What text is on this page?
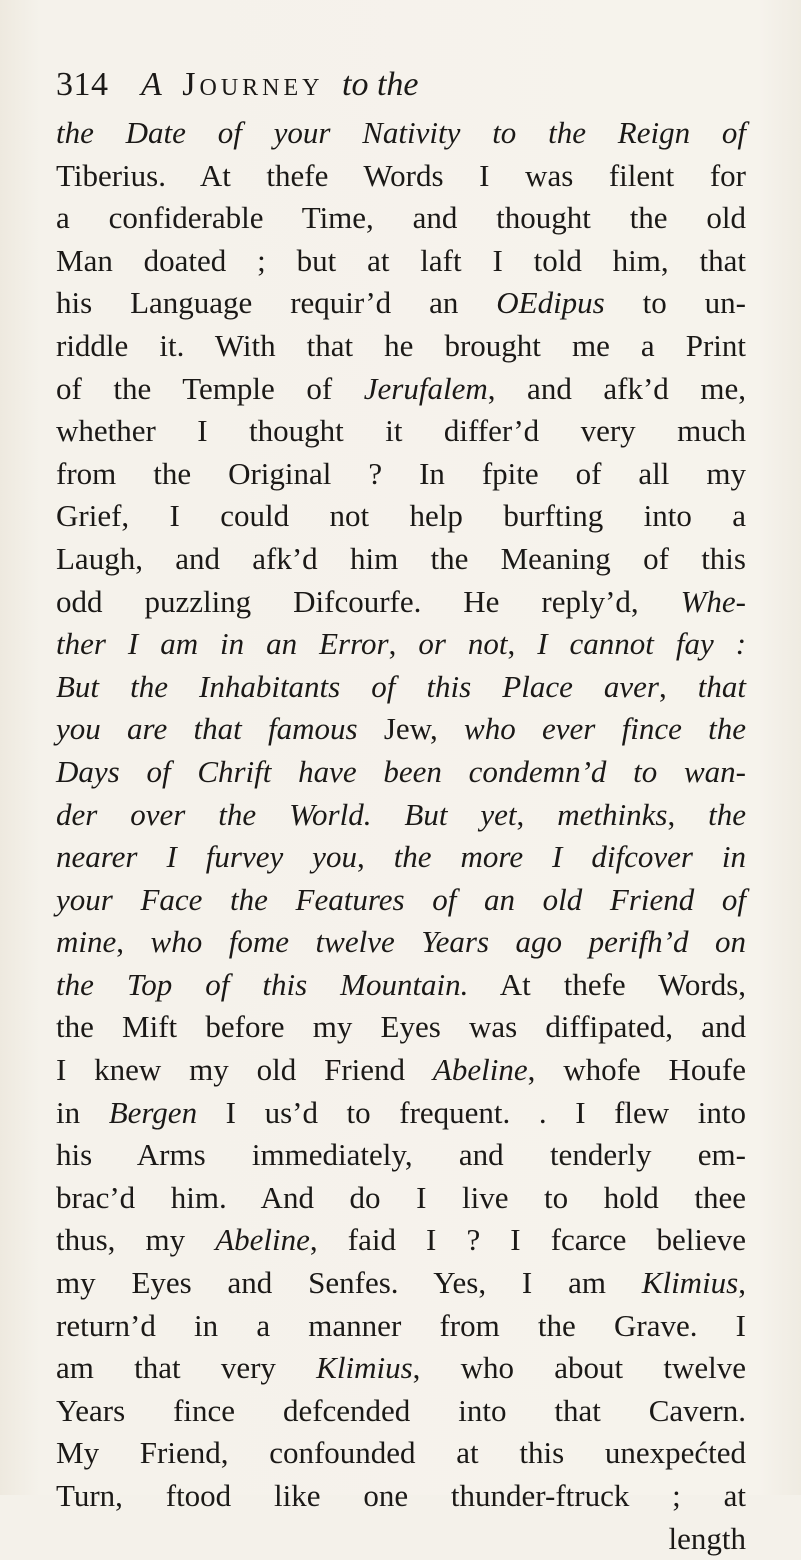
314 A Journey to the
the Date of your Nativity to the Reign of
Tiberius. At thefe Words I was filent for
a confiderable Time, and thought the old
Man doated ; but at laft I told him, that
his Language requir’d an OEdipus to un-
riddle it. With that he brought me a Print
of the Temple of Jerufalem, and afk’d me,
whether I thought it differ’d very much
from the Original ? In fpite of all my
Grief, I could not help burfting into a
Laugh, and afk’d him the Meaning of this
odd puzzling Difcourfe. He reply’d, Whe-
ther I am in an Error, or not, I cannot fay :
But the Inhabitants of this Place aver, that
you are that famous Jew, who ever fince the
Days of Chrift have been condemn’d to wan-
der over the World. But yet, methinks, the
nearer I furvey you, the more I difcover in
your Face the Features of an old Friend of
mine, who fome twelve Years ago perifh’d on
the Top of this Mountain. At thefe Words,
the Mift before my Eyes was diffipated, and
I knew my old Friend Abeline, whofe Houfe
in Bergen I us’d to frequent. . I flew into
his Arms immediately, and tenderly em-
brac’d him. And do I live to hold thee
thus, my Abeline, faid I ? I fcarce believe
my Eyes and Senfes. Yes, I am Klimius,
return’d in a manner from the Grave. I
am that very Klimius, who about twelve
Years fince defcended into that Cavern.
My Friend, confounded at this unexpećted
Turn, ftood like one thunder-ftruck ; at
length
